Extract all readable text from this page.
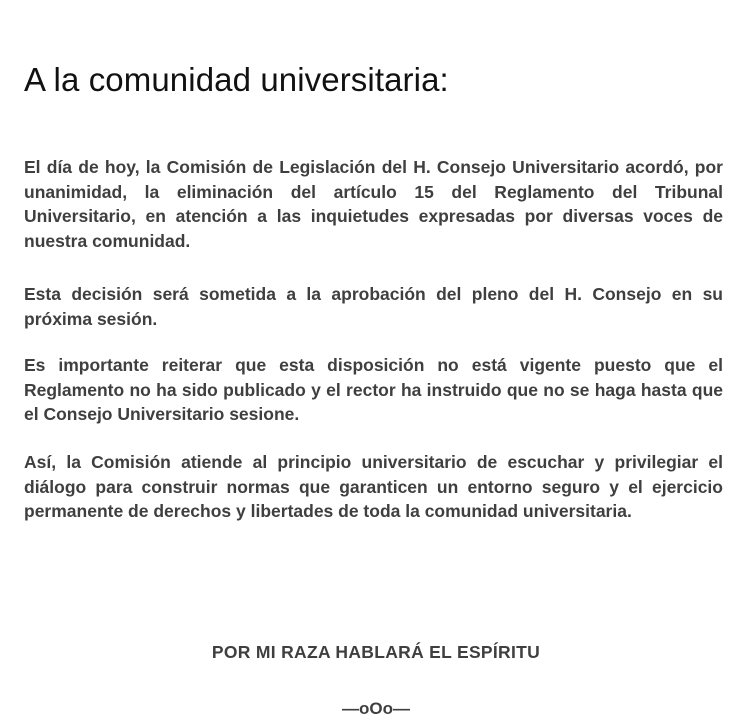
A la comunidad universitaria:

El día de hoy, la Comisión de Legislación del H. Consejo Universitario acordó, por unanimidad, la eliminación del artículo 15 del Reglamento del Tribunal Universitario, en atención a las inquietudes expresadas por diversas voces de nuestra comunidad.

Esta decisión será sometida a la aprobación del pleno del H. Consejo en su próxima sesión.

Es importante reiterar que esta disposición no está vigente puesto que el Reglamento no ha sido publicado y el rector ha instruido que no se haga hasta que el Consejo Universitario sesione.

Así, la Comisión atiende al principio universitario de escuchar y privilegiar el diálogo para construir normas que garanticen un entorno seguro y el ejercicio permanente de derechos y libertades de toda la comunidad universitaria.

POR MI RAZA HABLARÁ EL ESPÍRITU

—oOo—
